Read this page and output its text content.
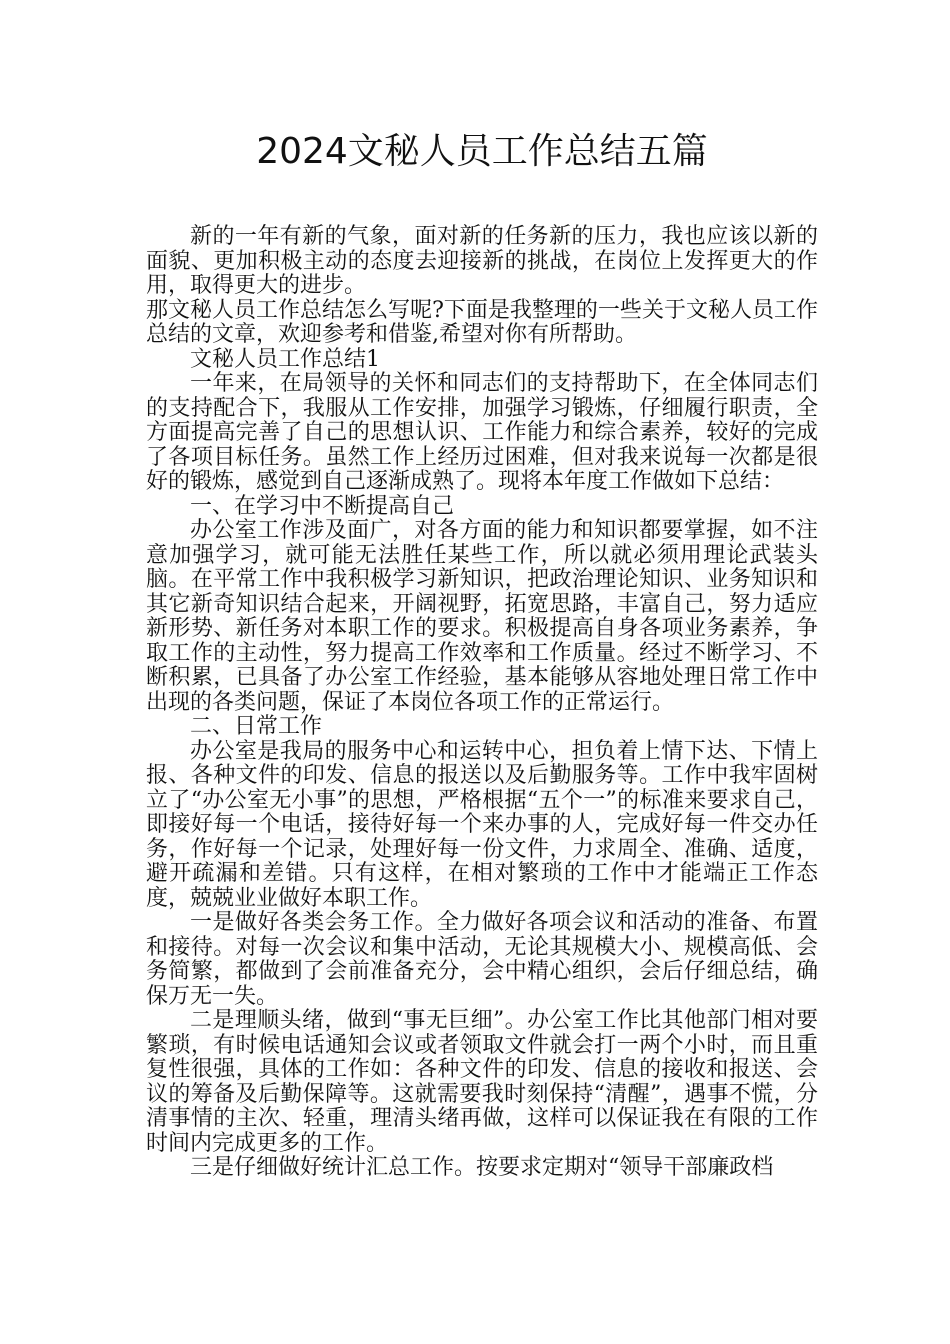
2024文秘人员工作总结五篇

新的一年有新的气象，面对新的任务新的压力，我也应该以新的面貌、更加积极主动的态度去迎接新的挑战，在岗位上发挥更大的作用，取得更大的进步。

那文秘人员工作总结怎么写呢?下面是我整理的一些关于文秘人员工作总结的文章，欢迎参考和借鉴,希望对你有所帮助。

文秘人员工作总结1

一年来，在局领导的关怀和同志们的支持帮助下，在全体同志们的支持配合下，我服从工作安排，加强学习锻炼，仔细履行职责，全方面提高完善了自己的思想认识、工作能力和综合素养，较好的完成了各项目标任务。虽然工作上经历过困难，但对我来说每一次都是很好的锻炼，感觉到自己逐渐成熟了。现将本年度工作做如下总结：

一、在学习中不断提高自己

办公室工作涉及面广，对各方面的能力和知识都要掌握，如不注意加强学习，就可能无法胜任某些工作，所以就必须用理论武装头脑。在平常工作中我积极学习新知识，把政治理论知识、业务知识和其它新奇知识结合起来，开阔视野，拓宽思路，丰富自己，努力适应新形势、新任务对本职工作的要求。积极提高自身各项业务素养，争取工作的主动性，努力提高工作效率和工作质量。经过不断学习、不断积累，已具备了办公室工作经验，基本能够从容地处理日常工作中出现的各类问题，保证了本岗位各项工作的正常运行。

二、日常工作

办公室是我局的服务中心和运转中心，担负着上情下达、下情上报、各种文件的印发、信息的报送以及后勤服务等。工作中我牢固树立了“办公室无小事”的思想，严格根据“五个一”的标准来要求自己，即接好每一个电话，接待好每一个来办事的人，完成好每一件交办任务，作好每一个记录，处理好每一份文件，力求周全、准确、适度，避开疏漏和差错。只有这样，在相对繁琐的工作中才能端正工作态度，兢兢业业做好本职工作。

一是做好各类会务工作。全力做好各项会议和活动的准备、布置和接待。对每一次会议和集中活动，无论其规模大小、规模高低、会务简繁，都做到了会前准备充分，会中精心组织，会后仔细总结，确保万无一失。

二是理顺头绪，做到“事无巨细”。办公室工作比其他部门相对要繁琐，有时候电话通知会议或者领取文件就会打一两个小时，而且重复性很强，具体的工作如：各种文件的印发、信息的接收和报送、会议的筹备及后勤保障等。这就需要我时刻保持“清醒”，遇事不慌，分清事情的主次、轻重，理清头绪再做，这样可以保证我在有限的工作时间内完成更多的工作。

三是仔细做好统计汇总工作。按要求定期对“领导干部廉政档
